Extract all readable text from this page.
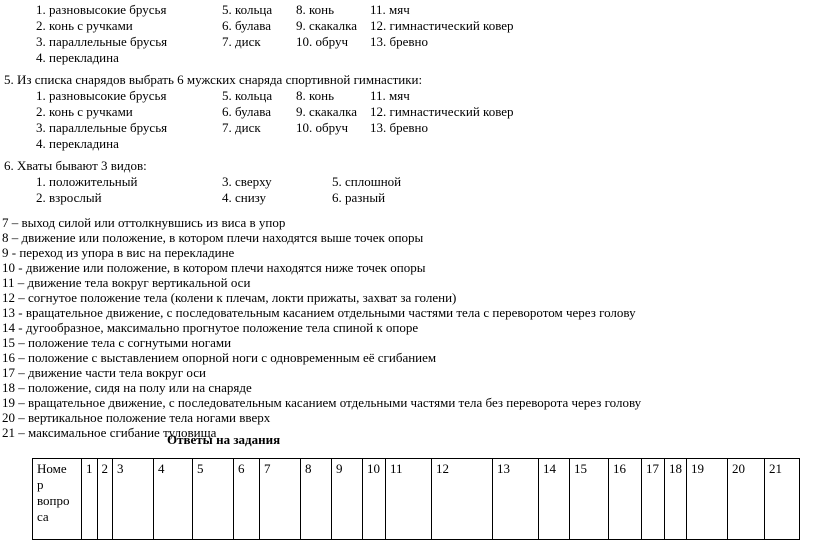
1. разновысокие брусья	5. кольца 8. конь	11. мяч
2. конь с ручками	6. булава 9. скакалка 12. гимнастический ковер
3. параллельные брусья	7. диск	10. обруч 13. бревно
4. перекладина
5. Из списка снарядов выбрать 6 мужских снаряда спортивной гимнастики:
1. разновысокие брусья	5. кольца 8. конь	11. мяч
2. конь с ручками	6. булава 9. скакалка 12. гимнастический ковер
3. параллельные брусья	7. диск	10. обруч 13. бревно
4. перекладина
6. Хваты бывают 3 видов:
1. положительный	3. сверху	5. сплошной
2. взрослый	4. снизу	6. разный
7 – выход силой или оттолкнувшись из виса в упор
8 – движение или положение, в котором плечи находятся выше точек опоры
9 - переход из упора в вис на перекладине
10 - движение или положение, в котором плечи находятся ниже точек опоры
11 – движение тела вокруг вертикальной оси
12 – согнутое положение тела (колени к плечам, локти прижаты, захват за голени)
13 - вращательное движение, с последовательным касанием отдельными частями тела с переворотом через голову
14 - дугообразное, максимально прогнутое положение тела спиной к опоре
15 – положение тела с согнутыми ногами
16 – положение с выставлением опорной ноги с одновременным её сгибанием
17 – движение части тела вокруг оси
18 – положение, сидя на полу или на снаряде
19 – вращательное движение, с последовательным касанием отдельными частями тела без переворота через голову
20 – вертикальное положение тела ногами вверх
21 – максимальное сгибание туловища
Ответы на задания
Номе
р
вопро
са	1	2	3	4	5	6	7	8	9	10	11	12	13	14	15	16	17	18	19	20	21
